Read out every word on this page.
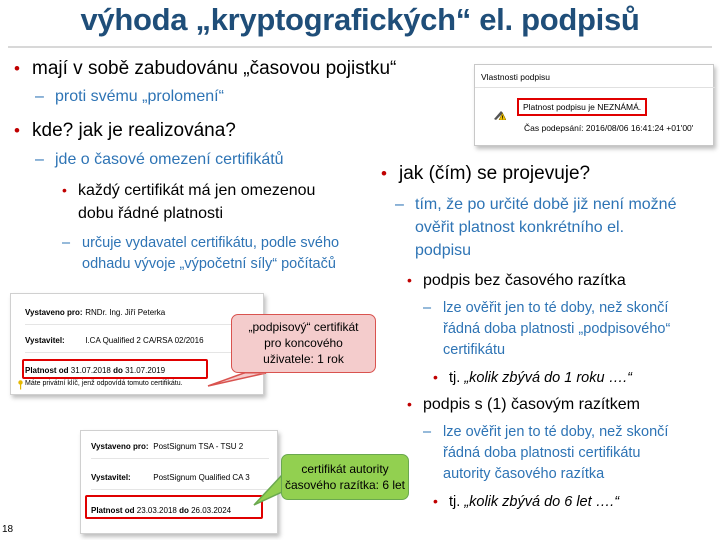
výhoda „kryptografických“ el. podpisů
• mají v sobě zabudovánu „časovou pojistku“
– proti svému „prolomení“
• kde? jak je realizována?
– jde o časové omezení certifikátů
• každý certifikát má jen omezenou
dobu řádné platnosti
– určuje vydavatel certifikátu, podle svého
odhadu vývoje „výpočetní síly“ počítačů
Vlastnosti podpisu
Platnost podpisu je NEZNÁMÁ.
Čas podepsání: 2016/08/06 16:41:24 +01'00'
• jak (čím) se projevuje?
– tím, že po určité době již není možné
ověřit platnost konkrétního el.
podpisu
• podpis bez časového razítka
– lze ověřit jen to té doby, než skončí
řádná doba platnosti „podpisového“
certifikátu
• tj. „kolik zbývá do 1 roku ….“
• podpis s (1) časovým razítkem
– lze ověřit jen to té doby, než skončí
řádná doba platnosti certifikátu
autority časového razítka
• tj. „kolik zbývá do 6 let ….“
Vystaveno pro: RNDr. Ing. Jiří Peterka
Vystavitel:	I.CA Qualified 2 CA/RSA 02/2016
Platnost od 31.07.2018 do 31.07.2019
Máte privátní klíč, jenž odpovídá tomuto certifikátu.
Vystaveno pro: PostSignum TSA - TSU 2
Vystavitel:	PostSignum Qualified CA 3
Platnost od 23.03.2018 do 26.03.2024
„podpisový“ certifikát
pro koncového
uživatele: 1 rok
certifikát autority
časového razítka: 6 let
18
